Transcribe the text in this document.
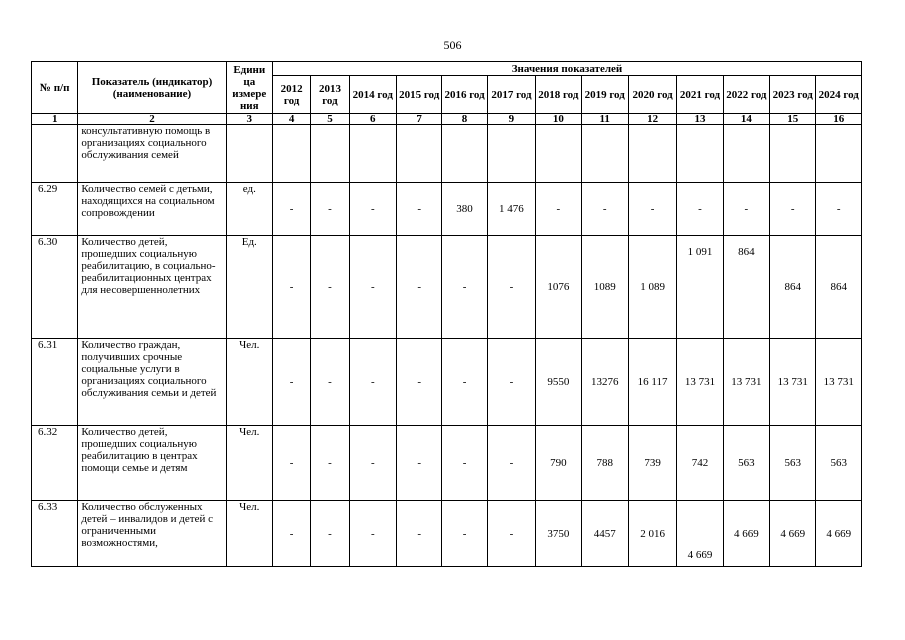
506
№ п/п	Показатель (индикатор) (наименование)	Едини ца измере ния	Значения показателей												
			2012 год	2013 год	2014 год	2015 год	2016 год	2017 год	2018 год	2019 год	2020 год	2021 год	2022 год	2023 год	2024 год
1	2	3	4	5	6	7	8	9	10	11	12	13	14	15	16
	консультативную помощь в организациях социального обслуживания семей														
6.29	Количество семей с детьми, находящихся на социальном сопровождении	ед.	-	-	-	-	380	1 476	-	-	-	-	-	-	-
6.30	Количество детей, прошедших социальную реабилитацию, в социально-реабилитационных центрах для несовершеннолетних	Ед.	-	-	-	-	-	-	1076	1089	1 089	1 091	864	864	864
6.31	Количество граждан, получивших срочные социальные услуги в организациях социального обслуживания семьи и детей	Чел.	-	-	-	-	-	-	9550	13276	16 117	13 731	13 731	13 731	13 731
6.32	Количество детей, прошедших социальную реабилитацию в центрах помощи семье и детям	Чел.	-	-	-	-	-	-	790	788	739	742	563	563	563
6.33	Количество обслуженных детей – инвалидов и детей с ограниченными возможностями,	Чел.	-	-	-	-	-	-	3750	4457	2 016	4 669	4 669	4 669	4 669
